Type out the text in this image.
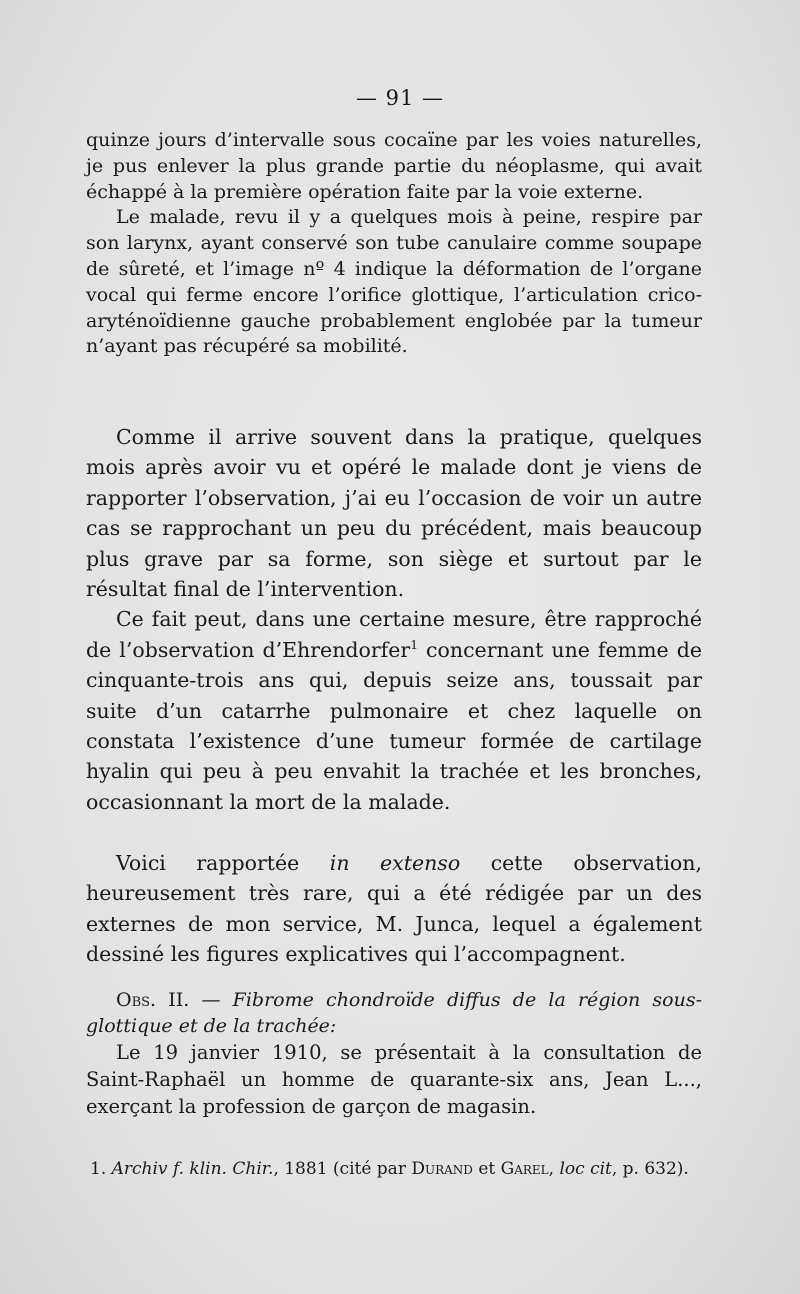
— 91 —

quinze jours d’intervalle sous cocaïne par les voies naturelles, je pus enlever la plus grande partie du néoplasme, qui avait échappé à la première opération faite par la voie externe.

Le malade, revu il y a quelques mois à peine, respire par son larynx, ayant conservé son tube canulaire comme soupape de sûreté, et l’image nº 4 indique la déformation de l’organe vocal qui ferme encore l’orifice glottique, l’articulation crico-aryténoïdienne gauche probablement englobée par la tumeur n’ayant pas récupéré sa mobilité.

Comme il arrive souvent dans la pratique, quelques mois après avoir vu et opéré le malade dont je viens de rapporter l’observation, j’ai eu l’occasion de voir un autre cas se rapprochant un peu du précédent, mais beaucoup plus grave par sa forme, son siège et surtout par le résultat final de l’intervention.

Ce fait peut, dans une certaine mesure, être rapproché de l’observation d’Ehrendorfer$^1$ concernant une femme de cinquante-trois ans qui, depuis seize ans, toussait par suite d’un catarrhe pulmonaire et chez laquelle on constata l’existence d’une tumeur formée de cartilage hyalin qui peu à peu envahit la trachée et les bronches, occasionnant la mort de la malade.

Voici rapportée in extenso cette observation, heureusement très rare, qui a été rédigée par un des externes de mon service, M. Junca, lequel a également dessiné les figures explicatives qui l’accompagnent.

Obs. II. — Fibrome chondroïde diffus de la région sous-glottique et de la trachée:

Le 19 janvier 1910, se présentait à la consultation de Saint-Raphaël un homme de quarante-six ans, Jean L..., exerçant la profession de garçon de magasin.

1. Archiv f. klin. Chir., 1881 (cité par Durand et Garel, loc cit, p. 632).
